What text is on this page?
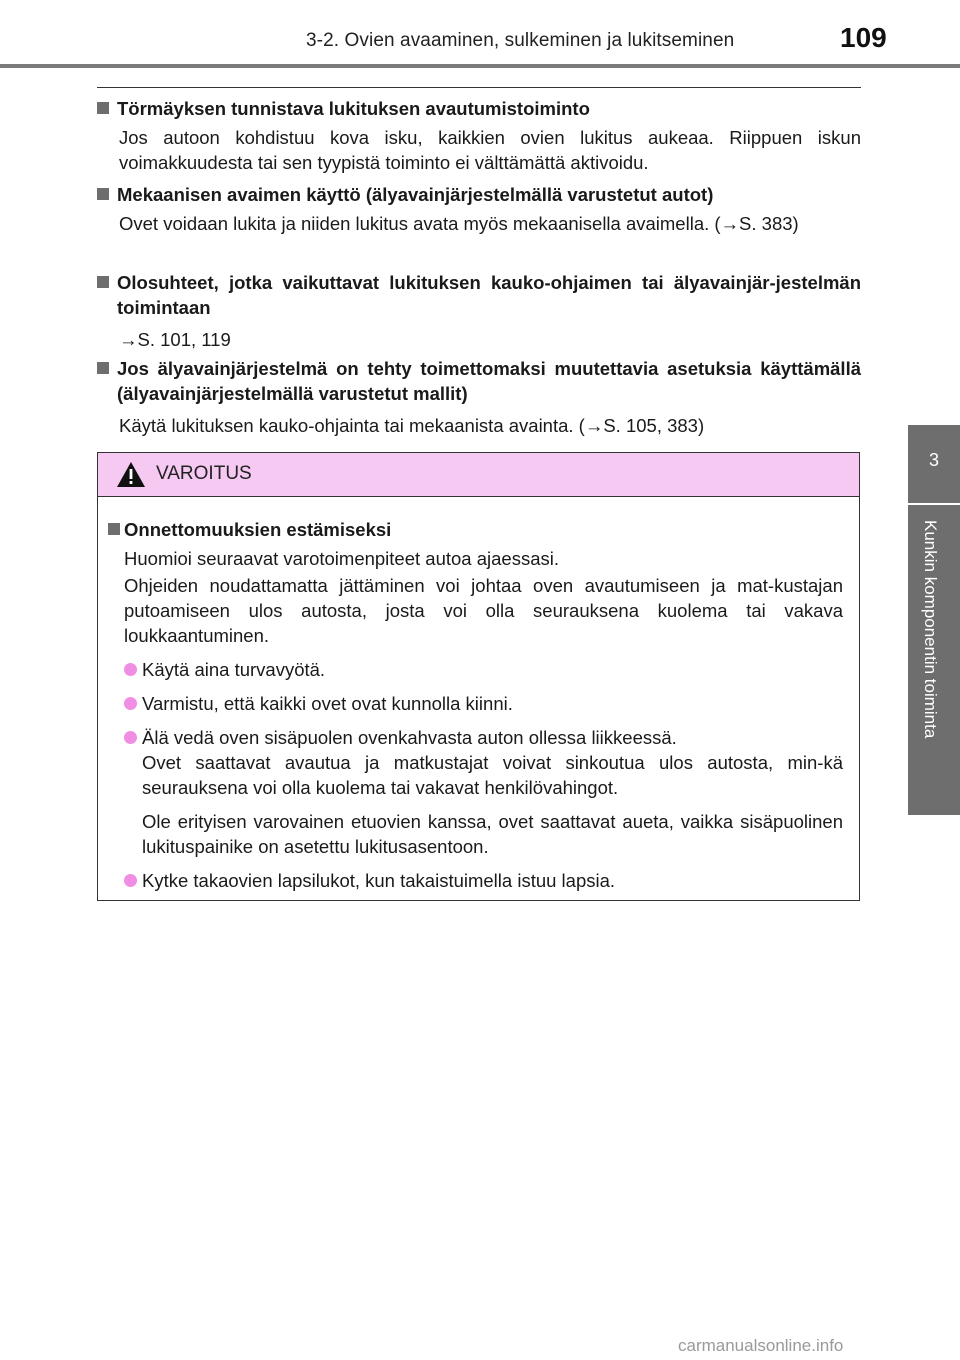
3-2. Ovien avaaminen, sulkeminen ja lukitseminen	109
3
Kunkin komponentin toiminta
Törmäyksen tunnistava lukituksen avautumistoiminto
Jos autoon kohdistuu kova isku, kaikkien ovien lukitus aukeaa. Riippuen iskun voimakkuudesta tai sen tyypistä toiminto ei välttämättä aktivoidu.
Mekaanisen avaimen käyttö (älyavainjärjestelmällä varustetut autot)
Ovet voidaan lukita ja niiden lukitus avata myös mekaanisella avaimella. (→S. 383)
Olosuhteet, jotka vaikuttavat lukituksen kauko-ohjaimen tai älyavainjär-jestelmän toimintaan
→S. 101, 119
Jos älyavainjärjestelmä on tehty toimettomaksi muutettavia asetuksia käyttämällä (älyavainjärjestelmällä varustetut mallit)
Käytä lukituksen kauko-ohjainta tai mekaanista avainta. (→S. 105, 383)
VAROITUS
Onnettomuuksien estämiseksi
Huomioi seuraavat varotoimenpiteet autoa ajaessasi.
Ohjeiden noudattamatta jättäminen voi johtaa oven avautumiseen ja mat-kustajan putoamiseen ulos autosta, josta voi olla seurauksena kuolema tai vakava loukkaantuminen.
Käytä aina turvavyötä.
Varmistu, että kaikki ovet ovat kunnolla kiinni.
Älä vedä oven sisäpuolen ovenkahvasta auton ollessa liikkeessä.
Ovet saattavat avautua ja matkustajat voivat sinkoutua ulos autosta, min-kä seurauksena voi olla kuolema tai vakavat henkilövahingot.
Ole erityisen varovainen etuovien kanssa, ovet saattavat aueta, vaikka sisäpuolinen lukituspainike on asetettu lukitusasentoon.
Kytke takaovien lapsilukot, kun takaistuimella istuu lapsia.
carmanualsonline.info
